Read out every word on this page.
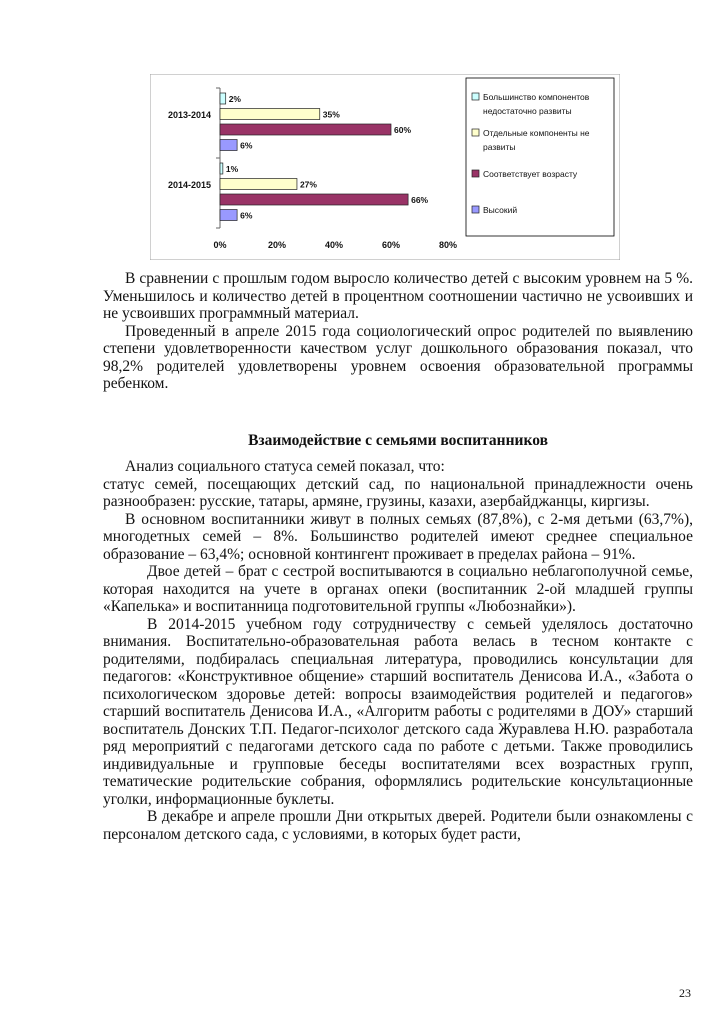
2013-2014
2%
35%
60%
6%
2014-2015
1%
27%
66%
6%
0%	20%	40%	60%	80%
Большинство компонентов
недостаточно развиты
Отдельные компоненты не
развиты
Соответствует возрасту
Высокий

В сравнении с прошлым годом выросло количество детей с высоким уровнем на 5 %. Уменьшилось и количество детей в процентном соотношении частично не усвоивших и не усвоивших программный материал.

Проведенный в апреле 2015 года социологический опрос родителей по выявлению степени удовлетворенности качеством услуг дошкольного образования показал, что 98,2% родителей удовлетворены уровнем освоения образовательной программы ребенком.

Взаимодействие с семьями воспитанников

Анализ социального статуса семей показал, что:

статус семей, посещающих детский сад, по национальной принадлежности очень разнообразен: русские, татары, армяне, грузины, казахи, азербайджанцы, киргизы.

В основном воспитанники живут в полных семьях (87,8%), с 2-мя детьми (63,7%), многодетных семей – 8%. Большинство родителей имеют среднее специальное образование – 63,4%; основной контингент проживает в пределах района – 91%.

Двое детей – брат с сестрой воспитываются в социально неблагополучной семье, которая находится на учете в органах опеки (воспитанник 2-ой младшей группы «Капелька» и воспитанница подготовительной группы «Любознайки»).

В 2014-2015 учебном году сотрудничеству с семьей уделялось достаточно внимания. Воспитательно-образовательная работа велась в тесном контакте с родителями, подбиралась специальная литература, проводились консультации для педагогов: «Конструктивное общение» старший воспитатель Денисова И.А., «Забота о психологическом здоровье детей: вопросы взаимодействия родителей и педагогов» старший воспитатель Денисова И.А., «Алгоритм работы с родителями в ДОУ» старший воспитатель Донских Т.П. Педагог-психолог детского сада Журавлева Н.Ю. разработала ряд мероприятий с педагогами детского сада по работе с детьми. Также проводились индивидуальные и групповые беседы воспитателями всех возрастных групп, тематические родительские собрания, оформлялись родительские консультационные уголки, информационные буклеты.

В декабре и апреле прошли Дни открытых дверей. Родители были ознакомлены с персоналом детского сада, с условиями, в которых будет расти,

23
